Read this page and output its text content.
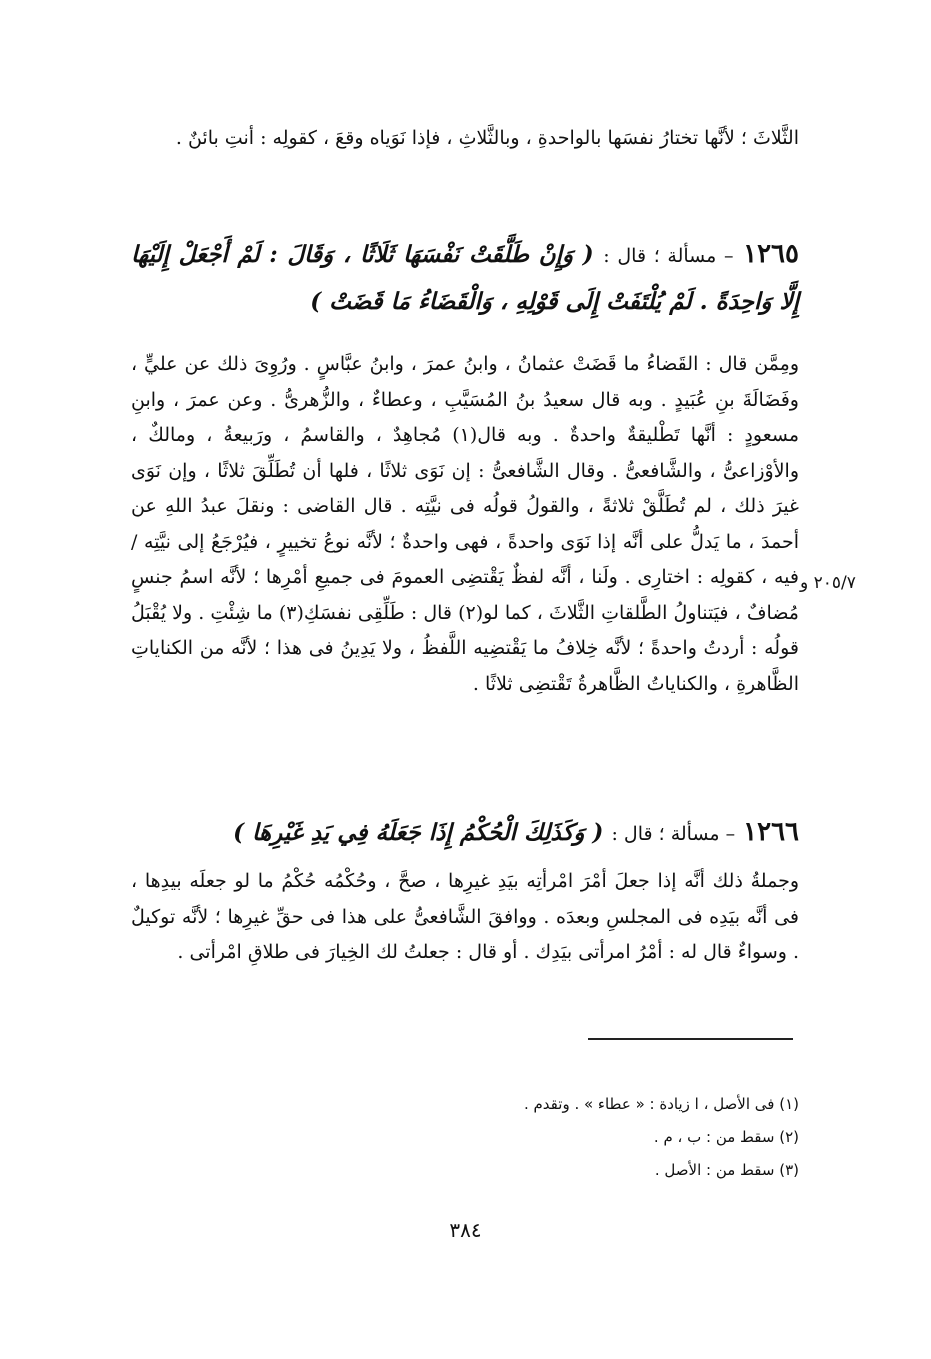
الثَّلاثَ ؛ لأنَّها تختارُ نفسَها بالواحدةِ ، وبالثَّلاثِ ، فإذا نَوَياه وقعَ ، كقولِه : أنتِ بائنٌ .
١٢٦٥ – مسألة ؛ قال : ( وَإِنْ طَلَّقَتْ نَفْسَهَا ثَلَاثًا ، وَقَالَ : لَمْ أَجْعَلْ إِلَيْهَا إِلَّا وَاحِدَةً . لَمْ يُلْتَفَتْ إِلَى قَوْلِهِ ، وَالْقَضَاءُ مَا قَضَتْ )
ومِمَّن قال : القَضاءُ ما قَضَتْ عثمانُ ، وابنُ عمرَ ، وابنُ عبَّاسٍ . ورُوِىَ ذلك عن عليٍّ ، وفَضَالَةَ بنِ عُبَيدٍ . وبه قال سعيدُ بنُ المُسَيَّبِ ، وعطاءٌ ، والزُّهرىُّ . وعن عمرَ ، وابنِ مسعودٍ : أنَّها تَطْليقةٌ واحدةٌ . وبه قال(١) مُجاهِدٌ ، والقاسمُ ، ورَبيعةُ ، ومالكٌ ، والأوْزاعىُّ ، والشَّافعىُّ . وقال الشَّافعىُّ : إن نَوَى ثلاثًا ، فلها أن تُطَلِّقَ ثلاثًا ، وإن نَوَى غيرَ ذلك ، لم تُطَلَّقْ ثلاثةً ، والقولُ قولُه فى نيَّتِه . قال القاضى : ونقلَ عبدُ اللهِ عن أحمدَ ، ما يَدلُّ على أنَّه إذا نَوَى واحدةً ، فهى واحدةٌ ؛ لأنَّه نوعُ تخييرٍ ، فيُرْجَعُ إلى نيَّتِه / فيه ، كقولِه : اختارِى . ولَنا ، أنَّه لفظٌ يَقْتضِى العمومَ فى جميعِ أمْرِها ؛ لأنَّه اسمُ جنسٍ مُضافٌ ، فيَتناولُ الطَّلقاتِ الثَّلاثَ ، كما لو(٢) قال : طَلِّقِى نفسَكِ(٣) ما شِئْتِ . ولا يُقْبَلُ قولُه : أردتُ واحدةً ؛ لأنَّه خِلافُ ما يَقْتضِيه اللَّفظُ ، ولا يَدِينُ فى هذا ؛ لأنَّه من الكناياتِ الظَّاهرةِ ، والكناياتُ الظَّاهرةُ تَقْتضِى ثلاثًا .
٢٠٥/٧ و
١٢٦٦ – مسألة ؛ قال : ( وَكَذَلِكَ الْحُكْمُ إِذَا جَعَلَهُ فِي يَدِ غَيْرِهَا )
وجملةُ ذلك أنَّه إذا جعلَ أمْرَ امْرأتِه بيَدِ غيرِها ، صحَّ ، وحُكْمُه حُكْمُ ما لو جعلَه بيدِها ، فى أنَّه بيَدِه فى المجلسِ وبعدَه . ووافقَ الشَّافعىُّ على هذا فى حقِّ غيرِها ؛ لأنَّه توكيلٌ . وسواءٌ قال له : أمْرُ امرأتى بيَدِك . أو قال : جعلتُ لك الخِيارَ فى طلاقِ امْرأتى .

(١) فى الأصل ، ا زيادة : « عطاء » . وتقدم .

(٢) سقط من : ب ، م .

(٣) سقط من : الأصل .

٣٨٤
